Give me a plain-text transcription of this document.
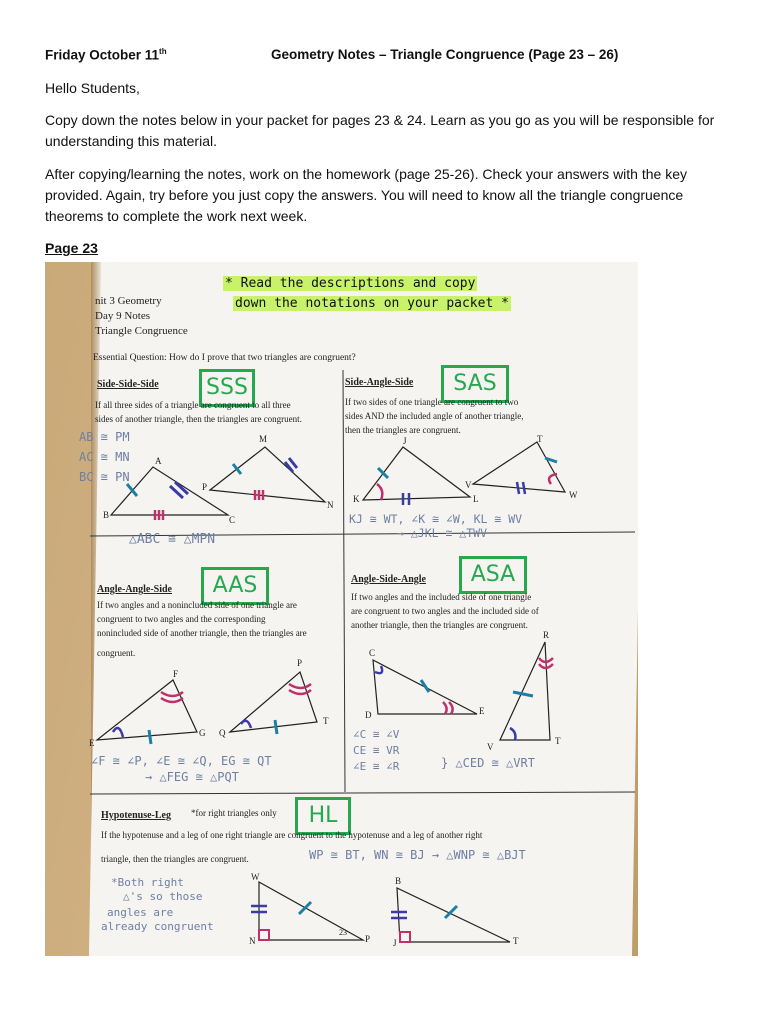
Friday October 11th	Geometry Notes – Triangle Congruence (Page 23 – 26)
Hello Students,
Copy down the notes below in your packet for pages 23 & 24. Learn as you go as you will be responsible for understanding this material.
After copying/learning the notes, work on the homework (page 25-26). Check your answers with the key provided. Again, try before you just copy the answers. You will need to know all the triangle congruence theorems to complete the work next week.
Page 23
* Read the descriptions and copy
down the notations on your packet *
nit 3 Geometry
Day 9 Notes
Triangle Congruence
Essential Question: How do I prove that two triangles are congruent?
Side-Side-Side	SSS
If all three sides of a triangle are congruent to all three
sides of another triangle, then the triangles are congruent.
AB ≅ PM
AC ≅ MN
BC ≅ PN
△ABC ≅ △MPN
A
B	C
M
P
N
Side-Angle-Side	SAS
If two sides of one triangle are congruent to two
sides AND the included angle of another triangle,
then the triangles are congruent.
J
K	L
T
V
W
KJ ≅ WT, ∠K ≅ ∠W, KL ≅ WV
→ △JKL ≅ △TWV
Angle-Angle-Side	AAS
If two angles and a nonincluded side of one triangle are
congruent to two angles and the corresponding
nonincluded side of another triangle, then the triangles are
congruent.
F
E
G
P
Q
T
∠F ≅ ∠P, ∠E ≅ ∠Q, EG ≅ QT
→ △FEG ≅ △PQT
Angle-Side-Angle	ASA
If two angles and the included side of one triangle
are congruent to two angles and the included side of
another triangle, then the triangles are congruent.
C
D	E
R
V
T
∠C ≅ ∠V
CE ≅ VR
∠E ≅ ∠R	} △CED ≅ △VRT
Hypotenuse-Leg *for right triangles only	HL
If the hypotenuse and a leg of one right triangle are congruent to the hypotenuse and a leg of another right
triangle, then the triangles are congruent.	WP ≅ BT, WN ≅ BJ → △WNP ≅ △BJT
*Both right
△'s so those
angles are
already congruent
W
N
23
P
B
J	T
